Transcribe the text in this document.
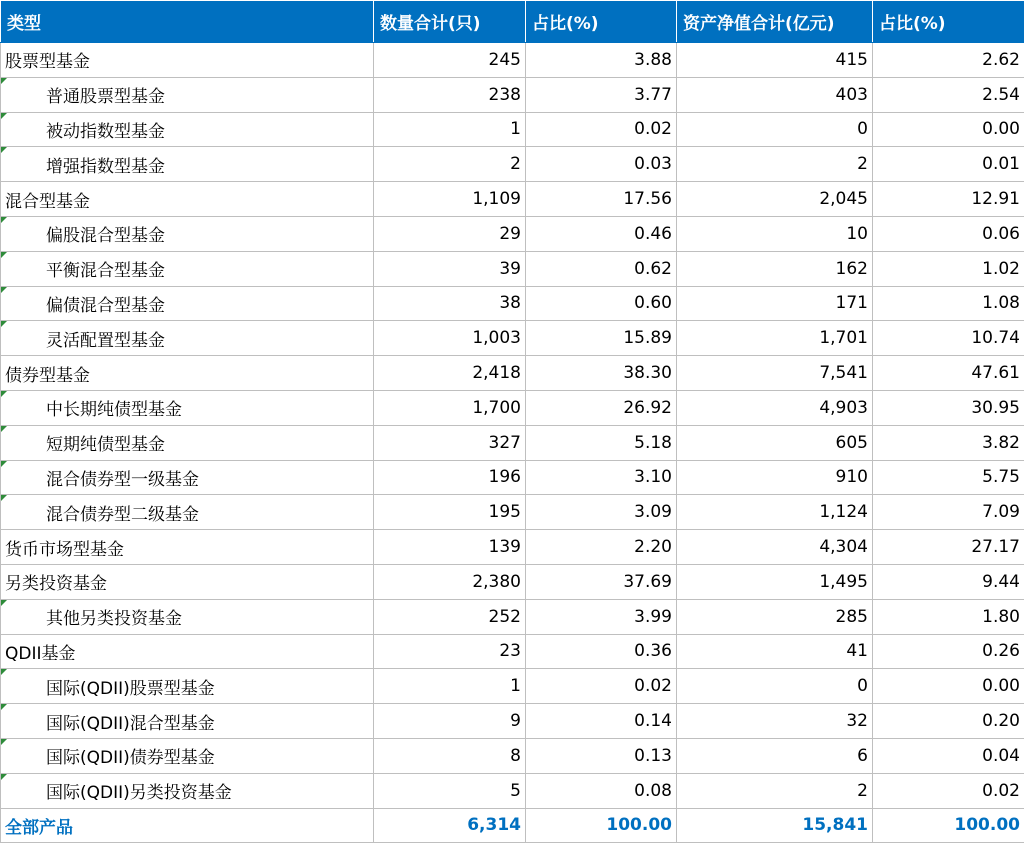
类型	数量合计(只)	占比(%)	资产净值合计(亿元)	占比(%)
股票型基金	245	3.88	415	2.62

普通股票型基金	238	3.77	403	2.54

被动指数型基金	1	0.02	0	0.00

增强指数型基金	2	0.03	2	0.01
混合型基金	1,109	17.56	2,045	12.91

偏股混合型基金	29	0.46	10	0.06

平衡混合型基金	39	0.62	162	1.02

偏债混合型基金	38	0.60	171	1.08

灵活配置型基金	1,003	15.89	1,701	10.74
债券型基金	2,418	38.30	7,541	47.61

中长期纯债型基金	1,700	26.92	4,903	30.95

短期纯债型基金	327	5.18	605	3.82

混合债券型一级基金	196	3.10	910	5.75

混合债券型二级基金	195	3.09	1,124	7.09
货币市场型基金	139	2.20	4,304	27.17
另类投资基金	2,380	37.69	1,495	9.44

其他另类投资基金	252	3.99	285	1.80
QDII基金	23	0.36	41	0.26

国际(QDII)股票型基金	1	0.02	0	0.00

国际(QDII)混合型基金	9	0.14	32	0.20

国际(QDII)债券型基金	8	0.13	6	0.04

国际(QDII)另类投资基金	5	0.08	2	0.02
全部产品	6,314	100.00	15,841	100.00
